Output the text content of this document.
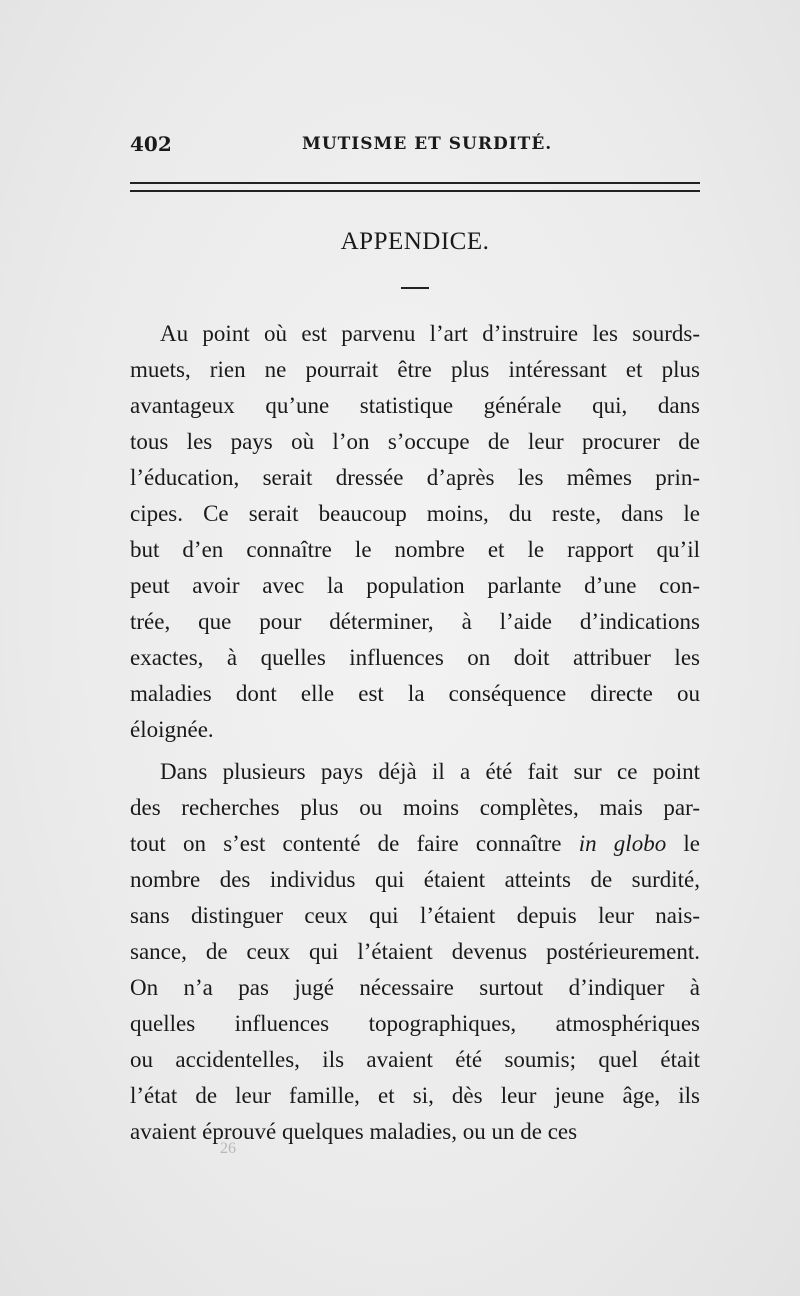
402	MUTISME ET SURDITÉ.
APPENDICE.
Au point où est parvenu l’art d’instruire les sourds-
muets, rien ne pourrait être plus intéressant et plus
avantageux qu’une statistique générale qui, dans
tous les pays où l’on s’occupe de leur procurer de
l’éducation, serait dressée d’après les mêmes prin-
cipes. Ce serait beaucoup moins, du reste, dans le
but d’en connaître le nombre et le rapport qu’il
peut avoir avec la population parlante d’une con-
trée, que pour déterminer, à l’aide d’indications
exactes, à quelles influences on doit attribuer les
maladies dont elle est la conséquence directe ou
éloignée.
Dans plusieurs pays déjà il a été fait sur ce point
des recherches plus ou moins complètes, mais par-
tout on s’est contenté de faire connaître in globo le
nombre des individus qui étaient atteints de surdité,
sans distinguer ceux qui l’étaient depuis leur nais-
sance, de ceux qui l’étaient devenus postérieurement.
On n’a pas jugé nécessaire surtout d’indiquer à
quelles influences topographiques, atmosphériques
ou accidentelles, ils avaient été soumis; quel était
l’état de leur famille, et si, dès leur jeune âge, ils
avaient éprouvé quelques maladies, ou un de ces
26
